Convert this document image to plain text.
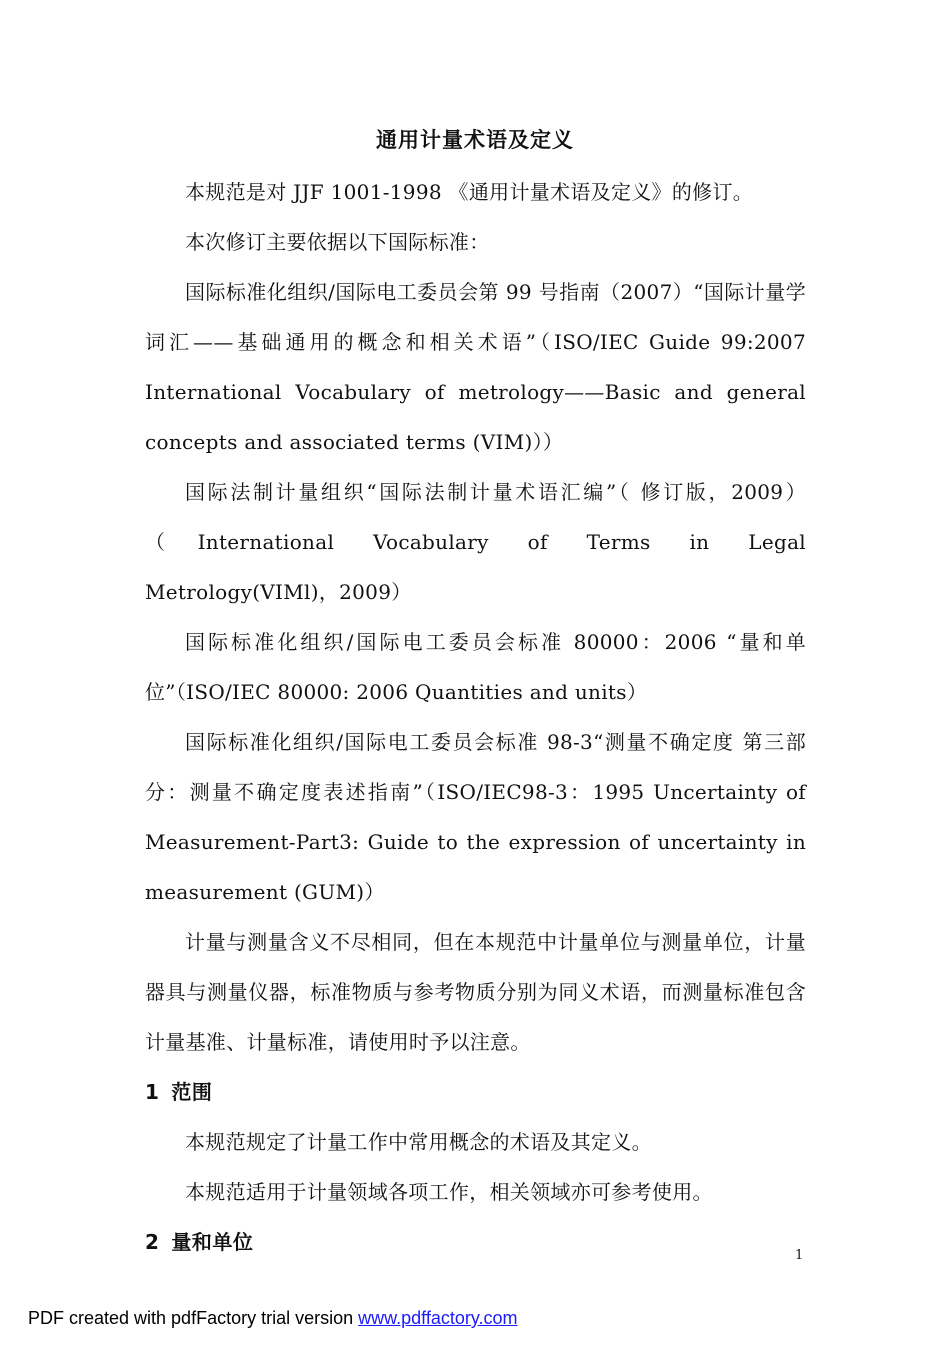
通用计量术语及定义

本规范是对 JJF 1001-1998 《通用计量术语及定义》的修订。

本次修订主要依据以下国际标准：

国际标准化组织/国际电工委员会第 99 号指南（2007）“国际计量学词汇——基础通用的概念和相关术语”（ISO/IEC Guide 99:2007 International Vocabulary of metrology——Basic and general concepts and associated terms (VIM)））

国际法制计量组织“国际法制计量术语汇编”（ 修订版，2009）（International Vocabulary of Terms in Legal Metrology(VIMl)，2009）

国际标准化组织/国际电工委员会标准 80000：2006 “量和单位”（ISO/IEC 80000: 2006 Quantities and units）

国际标准化组织/国际电工委员会标准 98-3“测量不确定度 第三部分：测量不确定度表述指南”（ISO/IEC98-3：1995 Uncertainty of Measurement-Part3: Guide to the expression of uncertainty in measurement (GUM)）

计量与测量含义不尽相同，但在本规范中计量单位与测量单位，计量器具与测量仪器，标准物质与参考物质分别为同义术语，而测量标准包含计量基准、计量标准，请使用时予以注意。

1 范围

本规范规定了计量工作中常用概念的术语及其定义。

本规范适用于计量领域各项工作，相关领域亦可参考使用。

2 量和单位

1
PDF created with pdfFactory trial version www.pdffactory.com
